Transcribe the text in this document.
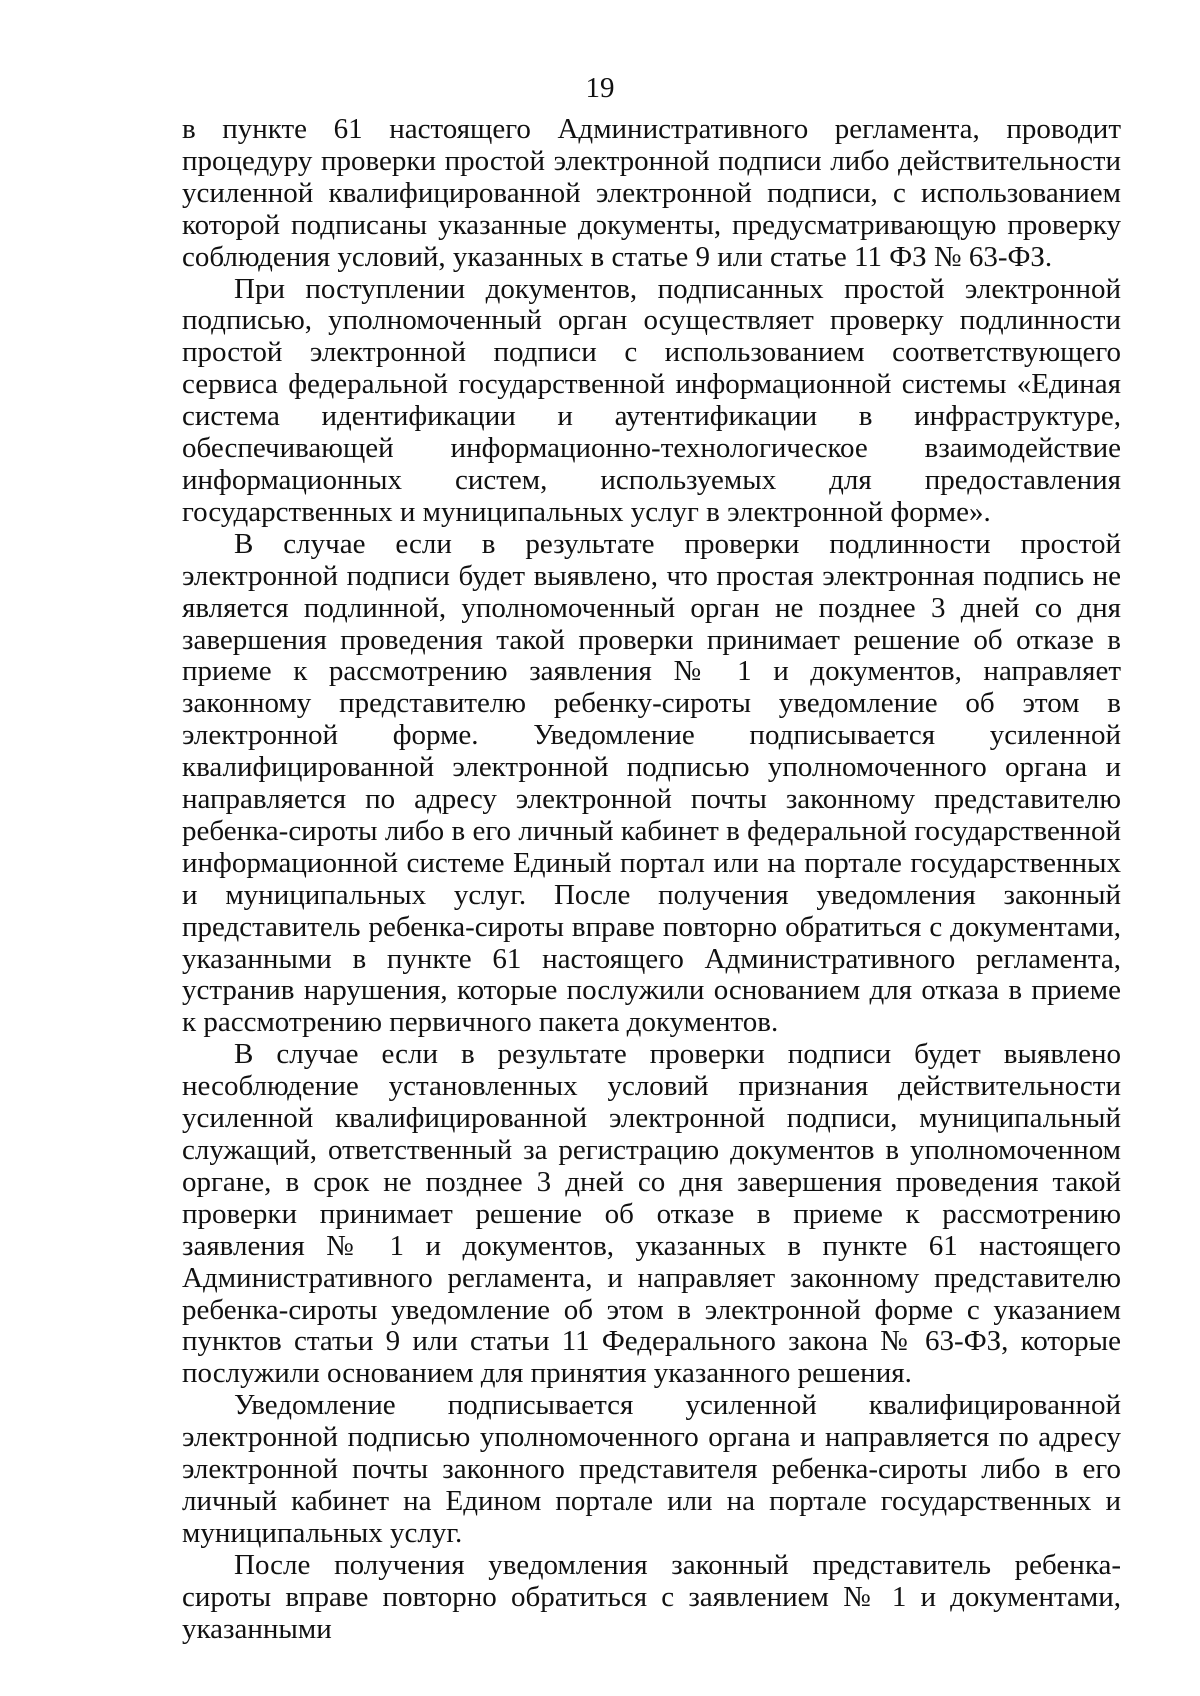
19

в пункте 61 настоящего Административного регламента, проводит процедуру проверки простой электронной подписи либо действительности усиленной квалифицированной электронной подписи, с использованием которой подписаны указанные документы, предусматривающую проверку соблюдения условий, указанных в статье 9 или статье 11 ФЗ № 63-ФЗ.

При поступлении документов, подписанных простой электронной подписью, уполномоченный орган осуществляет проверку подлинности простой электронной подписи с использованием соответствующего сервиса федеральной государственной информационной системы «Единая система идентификации и аутентификации в инфраструктуре, обеспечивающей информационно-технологическое взаимодействие информационных систем, используемых для предоставления государственных и муниципальных услуг в электронной форме».

В случае если в результате проверки подлинности простой электронной подписи будет выявлено, что простая электронная подпись не является подлинной, уполномоченный орган не позднее 3 дней со дня завершения проведения такой проверки принимает решение об отказе в приеме к рассмотрению заявления № 1 и документов, направляет законному представителю ребенку-сироты уведомление об этом в электронной форме. Уведомление подписывается усиленной квалифицированной электронной подписью уполномоченного органа и направляется по адресу электронной почты законному представителю ребенка-сироты либо в его личный кабинет в федеральной государственной информационной системе Единый портал или на портале государственных и муниципальных услуг. После получения уведомления законный представитель ребенка-сироты вправе повторно обратиться с документами, указанными в пункте 61 настоящего Административного регламента, устранив нарушения, которые послужили основанием для отказа в приеме к рассмотрению первичного пакета документов.

В случае если в результате проверки подписи будет выявлено несоблюдение установленных условий признания действительности усиленной квалифицированной электронной подписи, муниципальный служащий, ответственный за регистрацию документов в уполномоченном органе, в срок не позднее 3 дней со дня завершения проведения такой проверки принимает решение об отказе в приеме к рассмотрению заявления № 1 и документов, указанных в пункте 61 настоящего Административного регламента, и направляет законному представителю ребенка-сироты уведомление об этом в электронной форме с указанием пунктов статьи 9 или статьи 11 Федерального закона № 63-ФЗ, которые послужили основанием для принятия указанного решения.

Уведомление подписывается усиленной квалифицированной электронной подписью уполномоченного органа и направляется по адресу электронной почты законного представителя ребенка-сироты либо в его личный кабинет на Едином портале или на портале государственных и муниципальных услуг.

После получения уведомления законный представитель ребенка-сироты вправе повторно обратиться с заявлением № 1 и документами, указанными
